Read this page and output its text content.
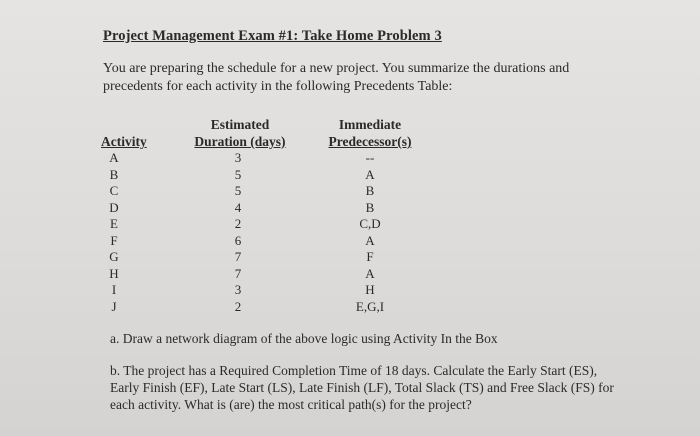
Project Management Exam #1: Take Home Problem 3
You are preparing the schedule for a new project. You summarize the durations and precedents for each activity in the following Precedents Table:
Activity
Estimated
Duration (days)
Immediate
Predecessor(s)
A	3	--
B	5	A
C	5	B
D	4	B
E	2	C,D
F	6	A
G	7	F
H	7	A
I	3	H
J	2	E,G,I
a. Draw a network diagram of the above logic using Activity In the Box
b. The project has a Required Completion Time of 18 days. Calculate the Early Start (ES), Early Finish (EF), Late Start (LS), Late Finish (LF), Total Slack (TS) and Free Slack (FS) for each activity. What is (are) the most critical path(s) for the project?
